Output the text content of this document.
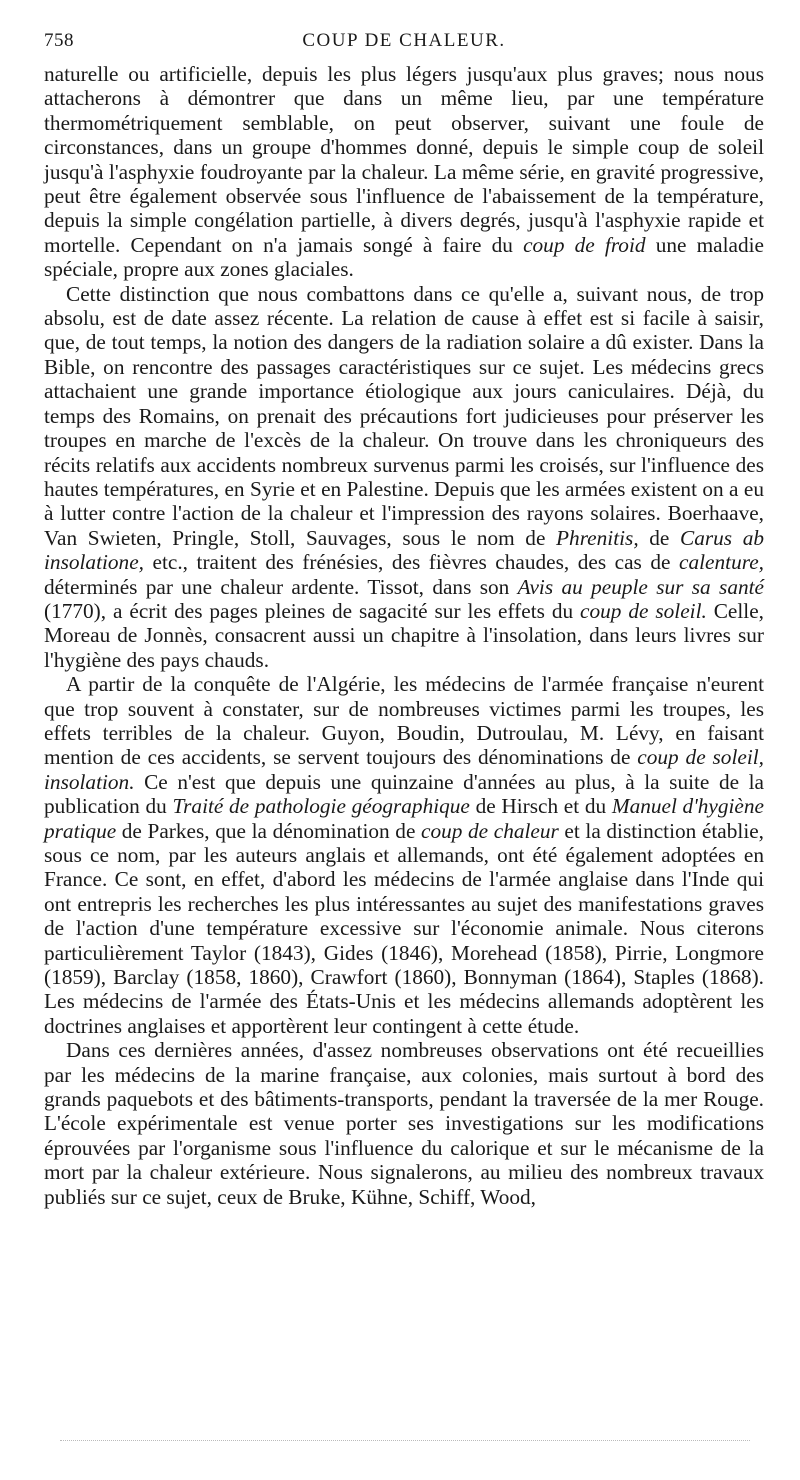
758	COUP DE CHALEUR.

naturelle ou artificielle, depuis les plus légers jusqu'aux plus graves; nous nous attacherons à démontrer que dans un même lieu, par une température thermométriquement semblable, on peut observer, suivant une foule de circonstances, dans un groupe d'hommes donné, depuis le simple coup de soleil jusqu'à l'asphyxie foudroyante par la chaleur. La même série, en gravité progressive, peut être également observée sous l'influence de l'abaissement de la température, depuis la simple congélation partielle, à divers degrés, jusqu'à l'asphyxie rapide et mortelle. Cependant on n'a jamais songé à faire du coup de froid une maladie spéciale, propre aux zones glaciales.

Cette distinction que nous combattons dans ce qu'elle a, suivant nous, de trop absolu, est de date assez récente. La relation de cause à effet est si facile à saisir, que, de tout temps, la notion des dangers de la radiation solaire a dû exister. Dans la Bible, on rencontre des passages caractéristiques sur ce sujet. Les médecins grecs attachaient une grande importance étiologique aux jours caniculaires. Déjà, du temps des Romains, on prenait des précautions fort judicieuses pour préserver les troupes en marche de l'excès de la chaleur. On trouve dans les chroniqueurs des récits relatifs aux accidents nombreux survenus parmi les croisés, sur l'influence des hautes températures, en Syrie et en Palestine. Depuis que les armées existent on a eu à lutter contre l'action de la chaleur et l'impression des rayons solaires. Boerhaave, Van Swieten, Pringle, Stoll, Sauvages, sous le nom de Phrenitis, de Carus ab insolatione, etc., traitent des frénésies, des fièvres chaudes, des cas de calenture, déterminés par une chaleur ardente. Tissot, dans son Avis au peuple sur sa santé (1770), a écrit des pages pleines de sagacité sur les effets du coup de soleil. Celle, Moreau de Jonnès, consacrent aussi un chapitre à l'insolation, dans leurs livres sur l'hygiène des pays chauds.

A partir de la conquête de l'Algérie, les médecins de l'armée française n'eurent que trop souvent à constater, sur de nombreuses victimes parmi les troupes, les effets terribles de la chaleur. Guyon, Boudin, Dutroulau, M. Lévy, en faisant mention de ces accidents, se servent toujours des dénominations de coup de soleil, insolation. Ce n'est que depuis une quinzaine d'années au plus, à la suite de la publication du Traité de pathologie géographique de Hirsch et du Manuel d'hygiène pratique de Parkes, que la dénomination de coup de chaleur et la distinction établie, sous ce nom, par les auteurs anglais et allemands, ont été également adoptées en France. Ce sont, en effet, d'abord les médecins de l'armée anglaise dans l'Inde qui ont entrepris les recherches les plus intéressantes au sujet des manifestations graves de l'action d'une température excessive sur l'économie animale. Nous citerons particulièrement Taylor (1843), Gides (1846), Morehead (1858), Pirrie, Longmore (1859), Barclay (1858, 1860), Crawfort (1860), Bonnyman (1864), Staples (1868). Les médecins de l'armée des États-Unis et les médecins allemands adoptèrent les doctrines anglaises et apportèrent leur contingent à cette étude.

Dans ces dernières années, d'assez nombreuses observations ont été recueillies par les médecins de la marine française, aux colonies, mais surtout à bord des grands paquebots et des bâtiments-transports, pendant la traversée de la mer Rouge. L'école expérimentale est venue porter ses investigations sur les modifications éprouvées par l'organisme sous l'influence du calorique et sur le mécanisme de la mort par la chaleur extérieure. Nous signalerons, au milieu des nombreux travaux publiés sur ce sujet, ceux de Bruke, Kühne, Schiff, Wood,
